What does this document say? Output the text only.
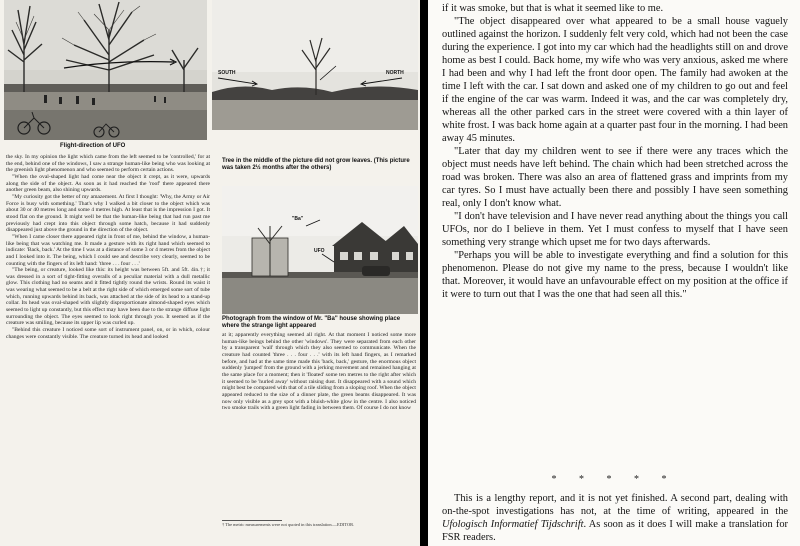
Flight-direction of UFO
SOUTH	NORTH
Tree in the middle of the picture did not grow leaves. (This picture was taken 2½ months after the others)
"Ba"
UFO
Photograph from the window of Mr. "Ba" house showing place where the strange light appeared

the sky. In my opinion the light which came from the left seemed to be 'controlled,' for at the end, behind one of the windows, I saw a strange human-like being who was looking at the greenish light phenomenon and who seemed to perform certain actions.

"When the oval-shaped light had come near the object it crept, as it were, upwards along the side of the object. As soon as it had reached the 'roof' there appeared there another green beam, also shining upwards.

"My curiosity got the better of my amazement. At first I thought: 'Why, the Army or Air Force is busy with something.' That's why I walked a bit closer to the object which was about 30 or 40 metres long and some 4 metres high. At least that is the impression I got. It stood flat on the ground. It might well be that the human-like being that had run past me previously had crept into this object through some hatch, because it had suddenly disappeared just above the ground in the direction of the object.

"When I came closer there appeared right in front of me, behind the window, a human-like being that was watching me. It made a gesture with its right hand which seemed to indicate: 'Back, back.' At the time I was at a distance of some 3 or 4 metres from the object and I looked into it. The being, which I could see and describe very clearly, seemed to be counting with the fingers of its left hand: 'three . . . four . . .'

"The being, or creature, looked like this: its height was between 5ft. and 5ft. 4in.†; it was dressed in a sort of tight-fitting overalls of a peculiar material with a dull metallic glow. This clothing had no seams and it fitted tightly round the wrists. Round its waist it was wearing what seemed to be a belt at the right side of which emerged some sort of tube which, running upwards behind its back, was attached at the side of its head to a stand-up collar. Its head was oval-shaped with slightly disproportionate almond-shaped eyes which seemed to light up constantly, but this effect may have been due to the strange diffuse light surrounding the object. The eyes seemed to look right through you. It seemed as if the creature was smiling, because its upper lip was curled up.

"Behind this creature I noticed some sort of instrument panel, on, or in which, colour changes were constantly visible. The creature turned its head and looked	at it; apparently everything seemed all right. At that moment I noticed some more human-like beings behind the other 'windows'. They were separated from each other by a transparent 'wall' through which they also seemed to communicate. When the creature had counted 'three . . . four . . .' with its left hand fingers, as I remarked before, and had at the same time made this 'back, back,' gesture, the enormous object suddenly 'jumped' from the ground with a jerking movement and remained hanging at the same place for a moment; then it 'floated' some ten metres to the right after which it seemed to be 'hurled away' without raising dust. It disappeared with a sound which might best be compared with that of a tile sliding from a sloping roof. When the object appeared reduced to the size of a dinner plate, the green beams disappeared. It was now only visible as a grey spot with a bluish-white glow in the centre. I also noticed two smoke trails with a green light fading in between them. Of course I do not know

† The metric measurements were not quoted in this translation.—EDITOR.

if it was smoke, but that is what it seemed like to me.

"The object disappeared over what appeared to be a small house vaguely outlined against the horizon. I suddenly felt very cold, which had not been the case during the experience. I got into my car which had the headlights still on and drove home as best I could. Back home, my wife who was very anxious, asked me where I had been and why I had left the front door open. The family had awoken at the time I left with the car. I sat down and asked one of my children to go out and feel if the engine of the car was warm. Indeed it was, and the car was completely dry, whereas all the other parked cars in the street were covered with a thin layer of white frost. I was back home again at a quarter past four in the morning. I had been away 45 minutes.

"Later that day my children went to see if there were any traces which the object must needs have left behind. The chain which had been stretched across the road was broken. There was also an area of flattened grass and imprints from my car tyres. So I must have actually been there and possibly I have seen something real, only I don't know what.

"I don't have television and I have never read anything about the things you call UFOs, nor do I believe in them. Yet I must confess to myself that I have seen something very strange which upset me for two days afterwards.

"Perhaps you will be able to investigate everything and find a solution for this phenomenon. Please do not give my name to the press, because I wouldn't like that. Moreover, it would have an unfavourable effect on my position at the office if it were to turn out that I was the one that had seen all this."

* * * * *

This is a lengthy report, and it is not yet finished. A second part, dealing with on-the-spot investigations has not, at the time of writing, appeared in the Ufologisch Informatief Tijdschrift. As soon as it does I will make a translation for FSR readers.
